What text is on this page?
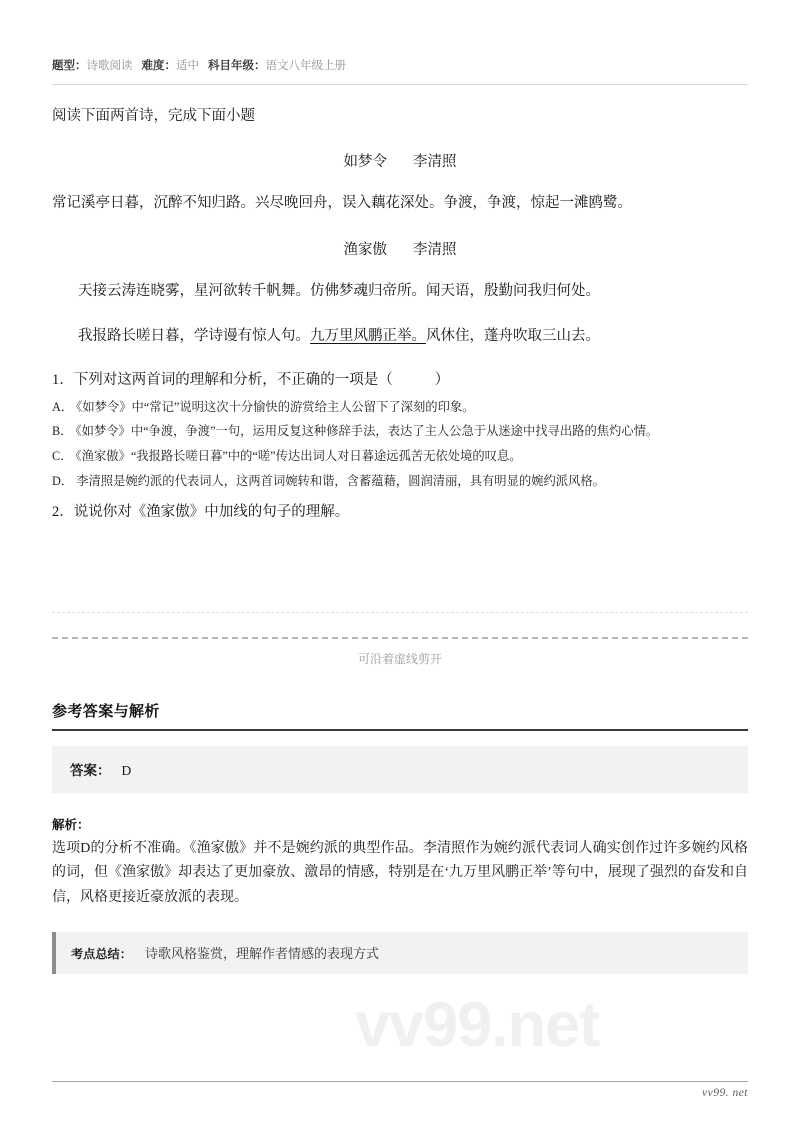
vv99.net
题型：诗歌阅读 难度：适中 科目年级：语文八年级上册
阅读下面两首诗，完成下面小题
如梦令 李清照
常记溪亭日暮，沉醉不知归路。兴尽晚回舟，误入藕花深处。争渡，争渡，惊起一滩鸥鹭。
渔家傲 李清照
天接云涛连晓雾，星河欲转千帆舞。仿佛梦魂归帝所。闻天语，殷勤问我归何处。
我报路长嗟日暮，学诗谩有惊人句。九万里风鹏正举。风休住，蓬舟吹取三山去。
1．下列对这两首词的理解和分析，不正确的一项是（	）
A． 《如梦令》中“常记”说明这次十分愉快的游赏给主人公留下了深刻的印象。
B． 《如梦令》中“争渡，争渡”一句，运用反复这种修辞手法，表达了主人公急于从迷途中找寻出路的焦灼心情。
C． 《渔家傲》“我报路长嗟日暮”中的“嗟”传达出词人对日暮途远孤苦无依处境的叹息。
D． 李清照是婉约派的代表词人，这两首词婉转和谐，含蓄蕴藉，圆润清丽，具有明显的婉约派风格。
2．说说你对《渔家傲》中加线的句子的理解。
可沿着虚线剪开
参考答案与解析
答案： D
解析：
选项D的分析不准确。《渔家傲》并不是婉约派的典型作品。李清照作为婉约派代表词人确实创作过许多婉约风格的词，但《渔家傲》却表达了更加豪放、激昂的情感，特别是在‘九万里风鹏正举’等句中，展现了强烈的奋发和自信，风格更接近豪放派的表现。
考点总结： 诗歌风格鉴赏，理解作者情感的表现方式
vv99. net
